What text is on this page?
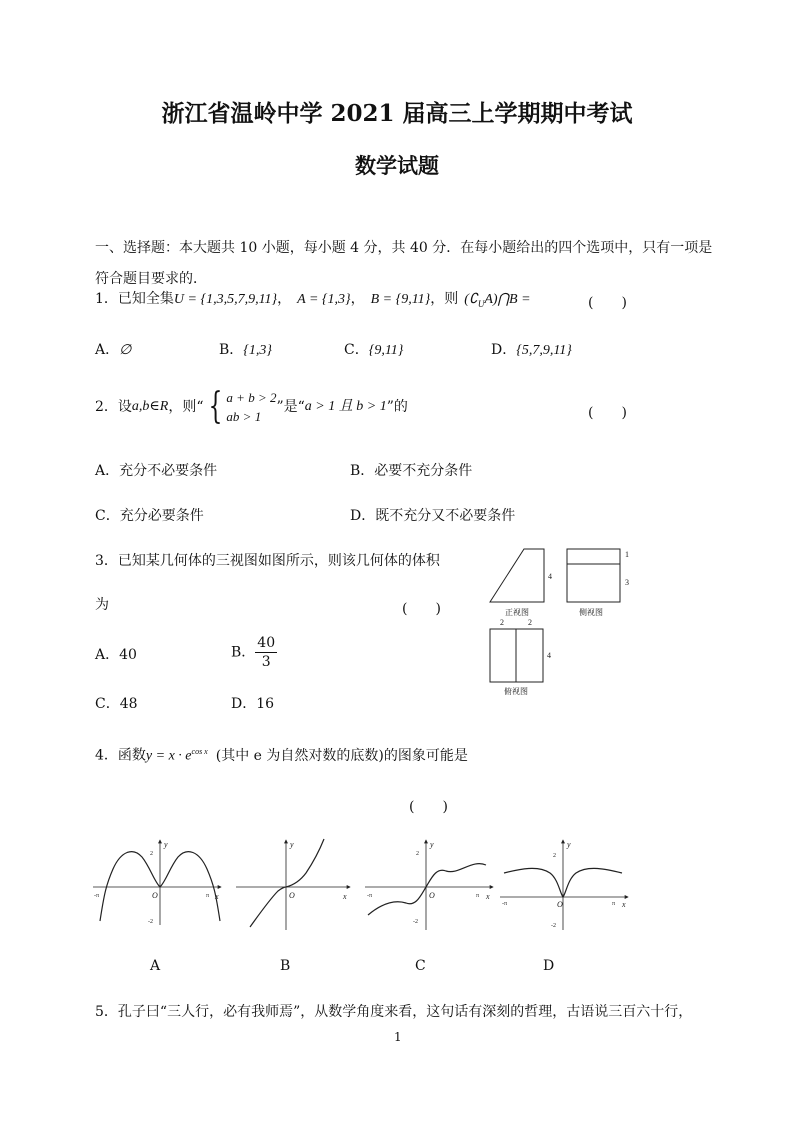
浙江省温岭中学 2021 届高三上学期期中考试
数学试题
一、选择题：本大题共 10 小题，每小题 4 分，共 40 分．在每小题给出的四个选项中，只有一项是
符合题目要求的．
1．已知全集U = {1,3,5,7,9,11}， A = {1,3}， B = {9,11}，则 $(∁_UA)⋂B$ =	(　　)
A．∅	B．{1,3}	C．{9,11}	D．{5,7,9,11}
2．设a,b∈R，则“ { a + b > 2
ab > 1
”是“a > 1 且 b > 1”的	(　　)
A．充分不必要条件	B．必要不充分条件
C．充分必要条件	D．既不充分又不必要条件
3．已知某几何体的三视图如图所示，则该几何体的体积
为	(　　)
A．40	B． $\frac{40}{3}$
C．48	D．16
4
1
3
2	2
4
正视图	侧视图
俯视图
4．函数$y = x \cdot e^{cos x}$ (其中 e 为自然对数的底数)的图象可能是
(　　)
y
x
O
2
-2
-π	π
y
x
O
y
x
O
2
-2
-π	π
y
x
O
2
-2
-π	π
A	B	C	D
5．孔子曰“三人行，必有我师焉”，从数学角度来看，这句话有深刻的哲理，古语说三百六十行，
1
